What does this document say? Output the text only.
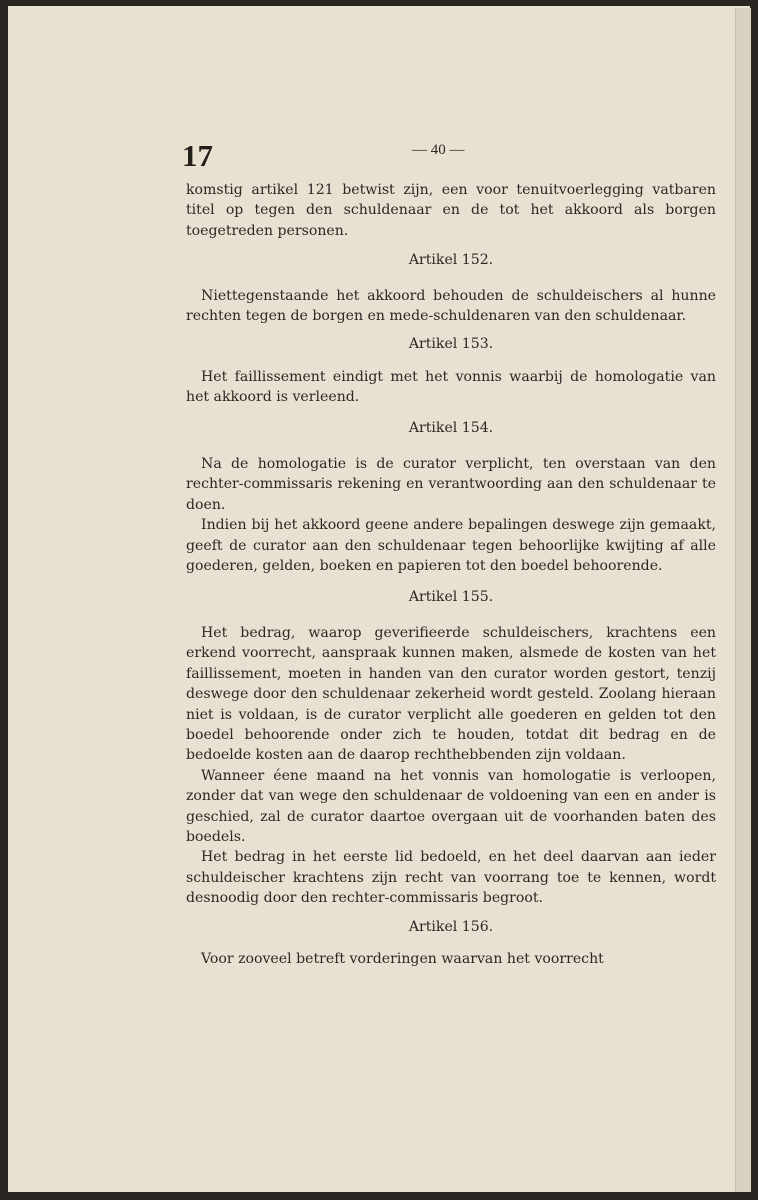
17	— 40 —

komstig artikel 121 betwist zijn, een voor tenuitvoerlegging vatbaren titel op tegen den schuldenaar en de tot het akkoord als borgen toegetreden personen.

Artikel 152.

Niettegenstaande het akkoord behouden de schuldeischers al hunne rechten tegen de borgen en mede-schuldenaren van den schuldenaar.

Artikel 153.

Het faillissement eindigt met het vonnis waarbij de homologatie van het akkoord is verleend.

Artikel 154.

Na de homologatie is de curator verplicht, ten overstaan van den rechter-commissaris rekening en verantwoording aan den schuldenaar te doen.

Indien bij het akkoord geene andere bepalingen deswege zijn gemaakt, geeft de curator aan den schuldenaar tegen behoorlijke kwijting af alle goederen, gelden, boeken en papieren tot den boedel behoorende.

Artikel 155.

Het bedrag, waarop geverifieerde schuldeischers, krachtens een erkend voorrecht, aanspraak kunnen maken, alsmede de kosten van het faillissement, moeten in handen van den curator worden gestort, tenzij deswege door den schuldenaar zekerheid wordt gesteld. Zoolang hieraan niet is voldaan, is de curator verplicht alle goederen en gelden tot den boedel behoorende onder zich te houden, totdat dit bedrag en de bedoelde kosten aan de daarop rechthebbenden zijn voldaan.

Wanneer éene maand na het vonnis van homologatie is verloopen, zonder dat van wege den schuldenaar de voldoening van een en ander is geschied, zal de curator daartoe overgaan uit de voorhanden baten des boedels.

Het bedrag in het eerste lid bedoeld, en het deel daarvan aan ieder schuldeischer krachtens zijn recht van voorrang toe te kennen, wordt desnoodig door den rechter-commissaris begroot.

Artikel 156.

Voor zooveel betreft vorderingen waarvan het voorrecht
